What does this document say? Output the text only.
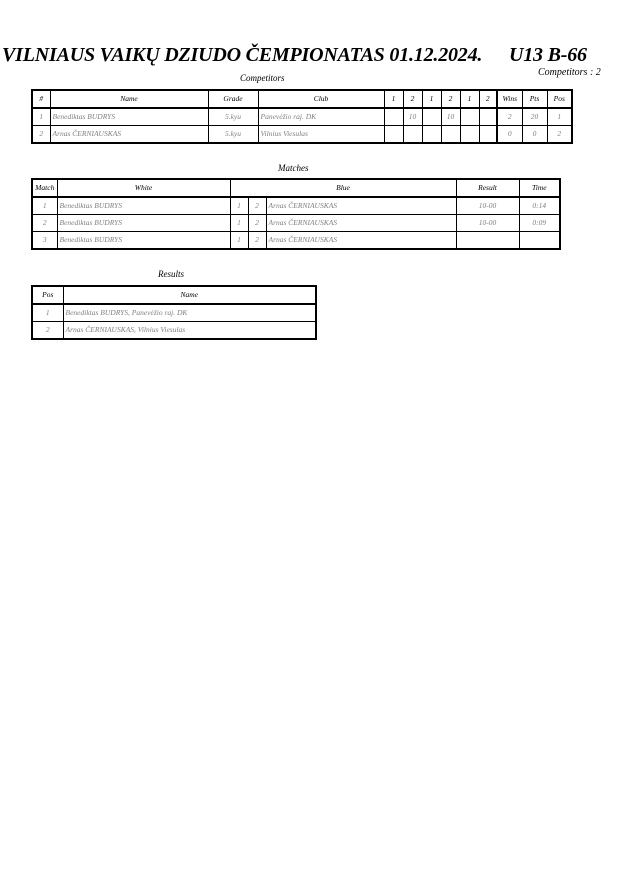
VILNIAUS VAIKŲ DZIUDO ČEMPIONATAS 01.12.2024. U13 B-66
Competitors : 2
Competitors
#	Name	Grade	Club	1	2	1	2	1	2	Wins	Pts	Pos
1	Benediktas BUDRYS	5.kyu	Panevėžio raj. DK		10		10			2	20	1
2	Arnas ČERNIAUSKAS	5.kyu	Vilnius Viesulas							0	0	2
Matches
Match	White	Blue			Result	Time
1	Benediktas BUDRYS	1	2	Arnas ČERNIAUSKAS	10-00	0:14
2	Benediktas BUDRYS	1	2	Arnas ČERNIAUSKAS	10-00	0:09
3	Benediktas BUDRYS	1	2	Arnas ČERNIAUSKAS		
Results
Pos	Name
1	Benediktas BUDRYS, Panevėžio raj. DK
2	Arnas ČERNIAUSKAS, Vilnius Viesulas
